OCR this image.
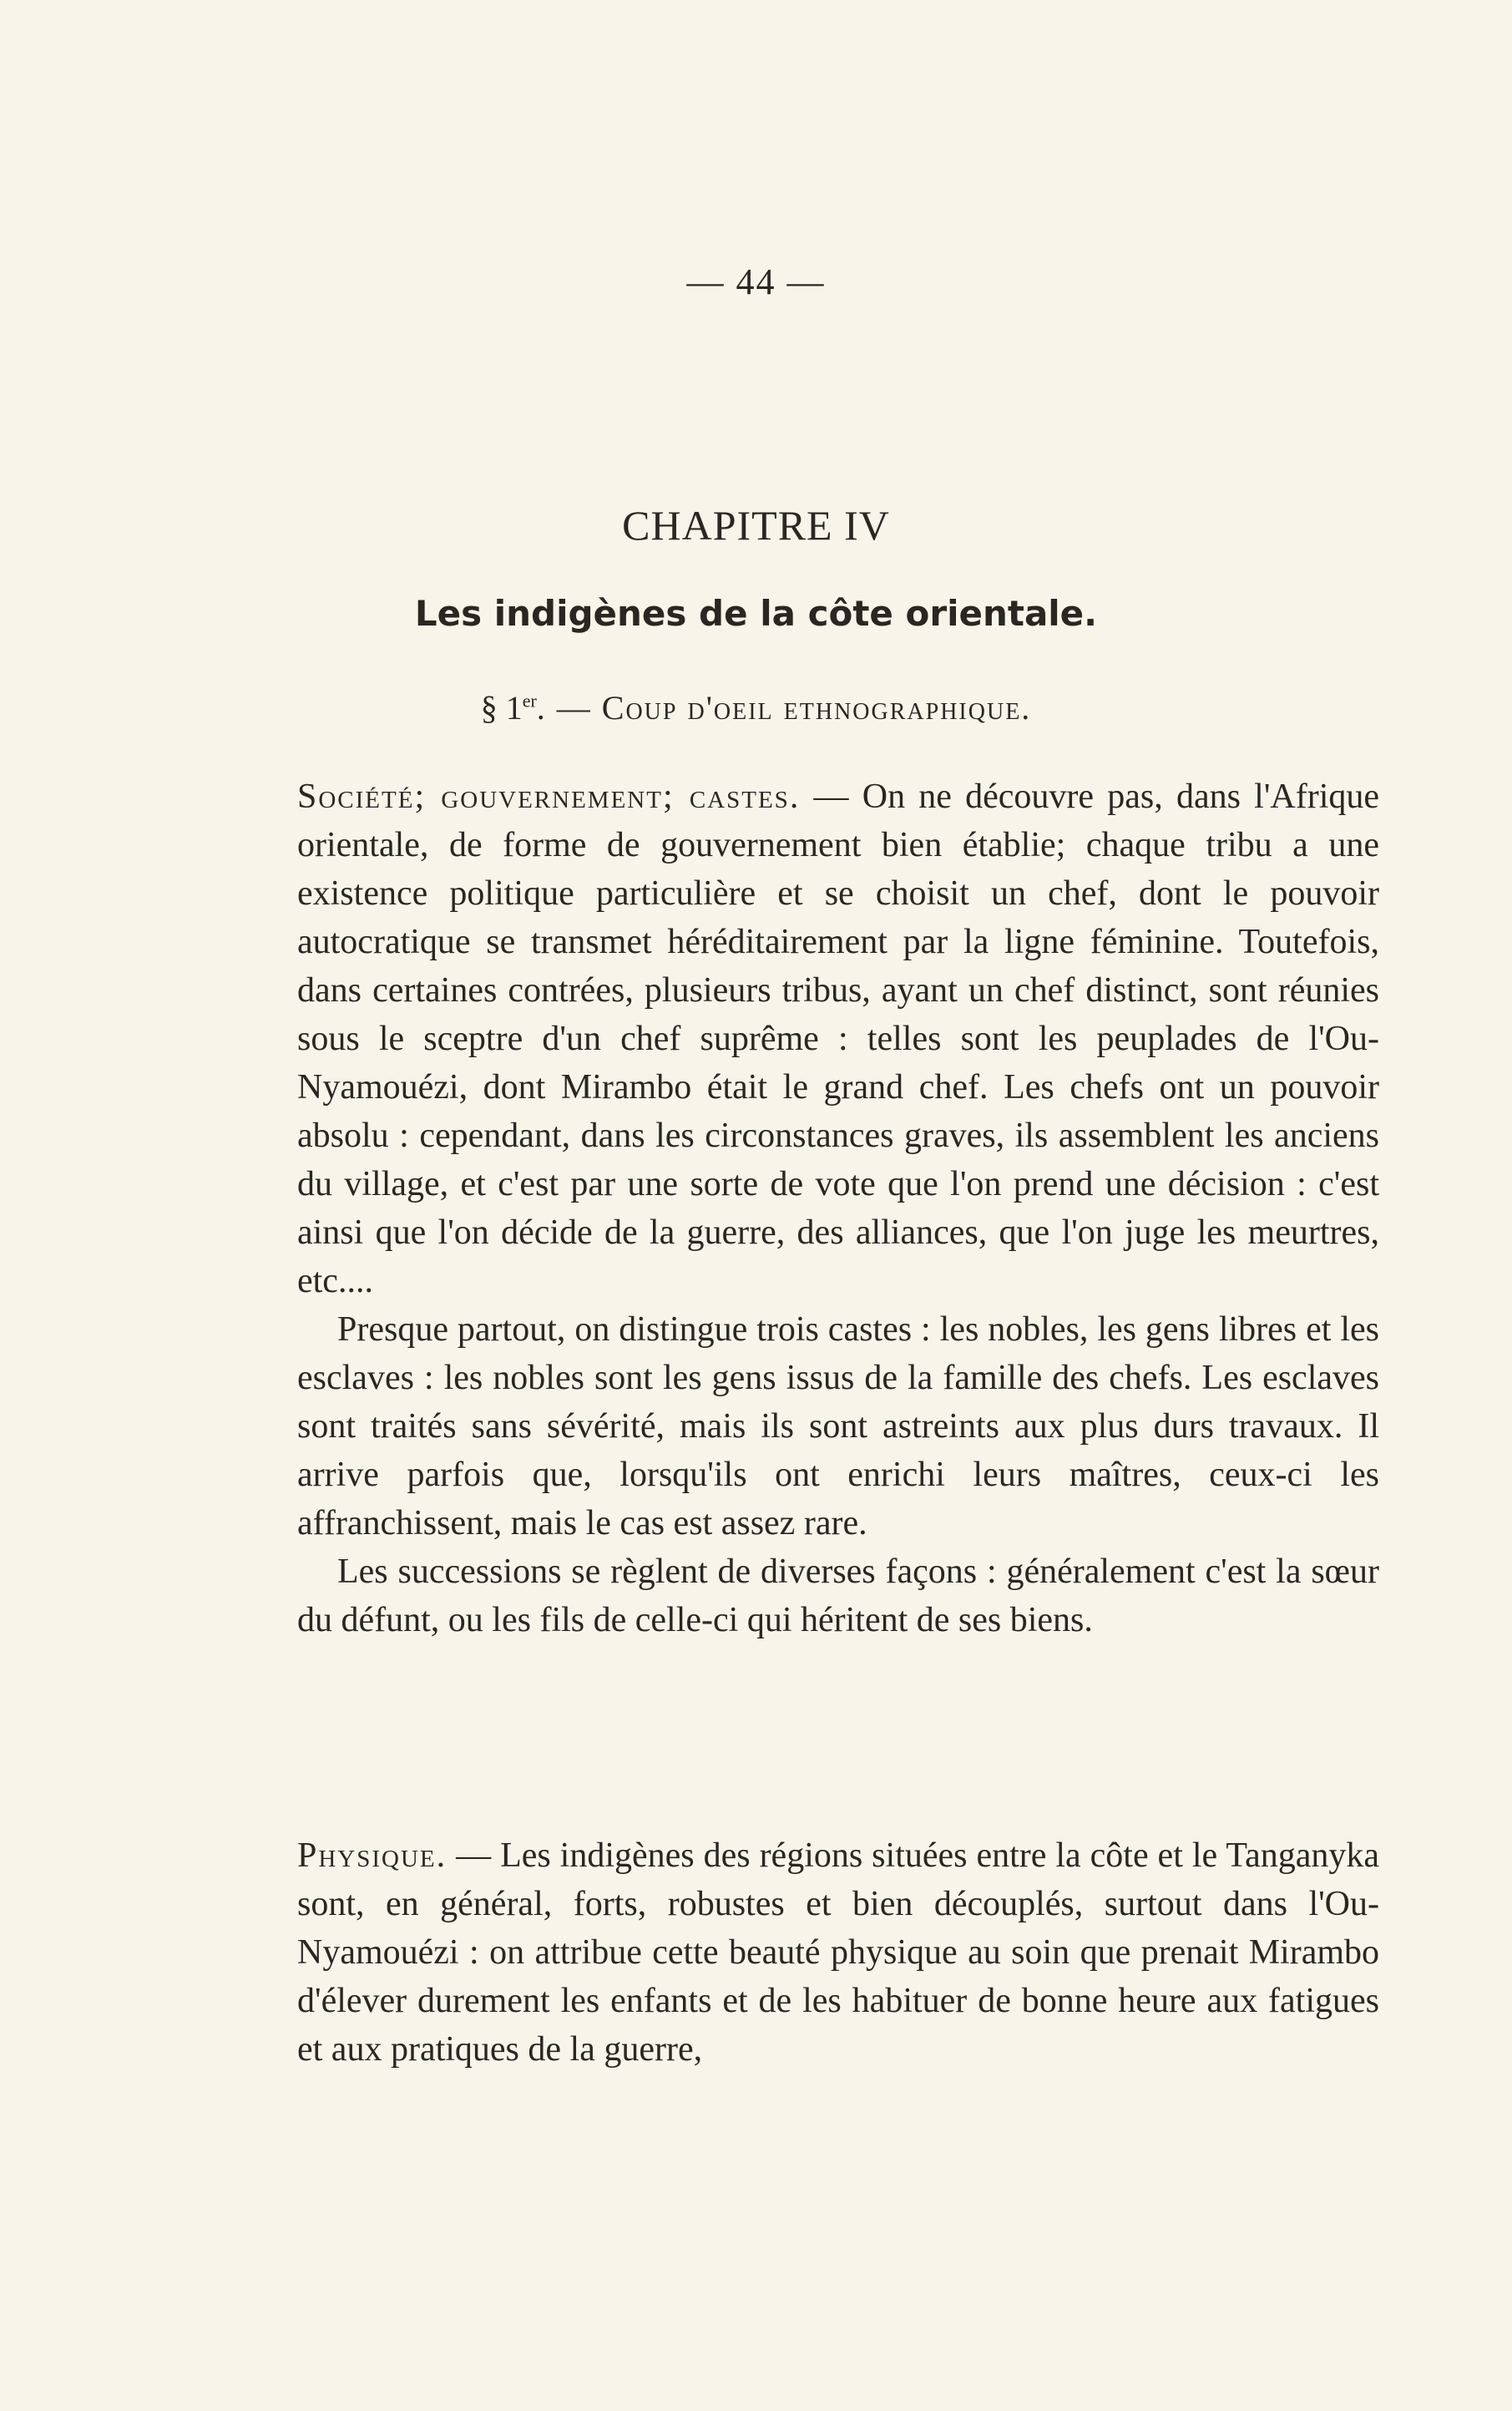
— 44 —
CHAPITRE IV
Les indigènes de la côte orientale.
§ 1er. — Coup d'oeil ethnographique.

Société; gouvernement; castes. — On ne découvre pas, dans l'Afrique orientale, de forme de gouvernement bien établie; chaque tribu a une existence politique particulière et se choisit un chef, dont le pouvoir autocratique se transmet héréditairement par la ligne féminine. Toutefois, dans certaines contrées, plusieurs tribus, ayant un chef distinct, sont réunies sous le sceptre d'un chef suprême : telles sont les peuplades de l'Ou-Nyamouézi, dont Mirambo était le grand chef. Les chefs ont un pouvoir absolu : cependant, dans les circonstances graves, ils assemblent les anciens du village, et c'est par une sorte de vote que l'on prend une décision : c'est ainsi que l'on décide de la guerre, des alliances, que l'on juge les meurtres, etc....

Presque partout, on distingue trois castes : les nobles, les gens libres et les esclaves : les nobles sont les gens issus de la famille des chefs. Les esclaves sont traités sans sévérité, mais ils sont astreints aux plus durs travaux. Il arrive parfois que, lorsqu'ils ont enrichi leurs maîtres, ceux-ci les affranchissent, mais le cas est assez rare.

Les successions se règlent de diverses façons : généralement c'est la sœur du défunt, ou les fils de celle-ci qui héritent de ses biens.

Physique. — Les indigènes des régions situées entre la côte et le Tanganyka sont, en général, forts, robustes et bien découplés, surtout dans l'Ou-Nyamouézi : on attribue cette beauté physique au soin que prenait Mirambo d'élever durement les enfants et de les habituer de bonne heure aux fatigues et aux pratiques de la guerre,
